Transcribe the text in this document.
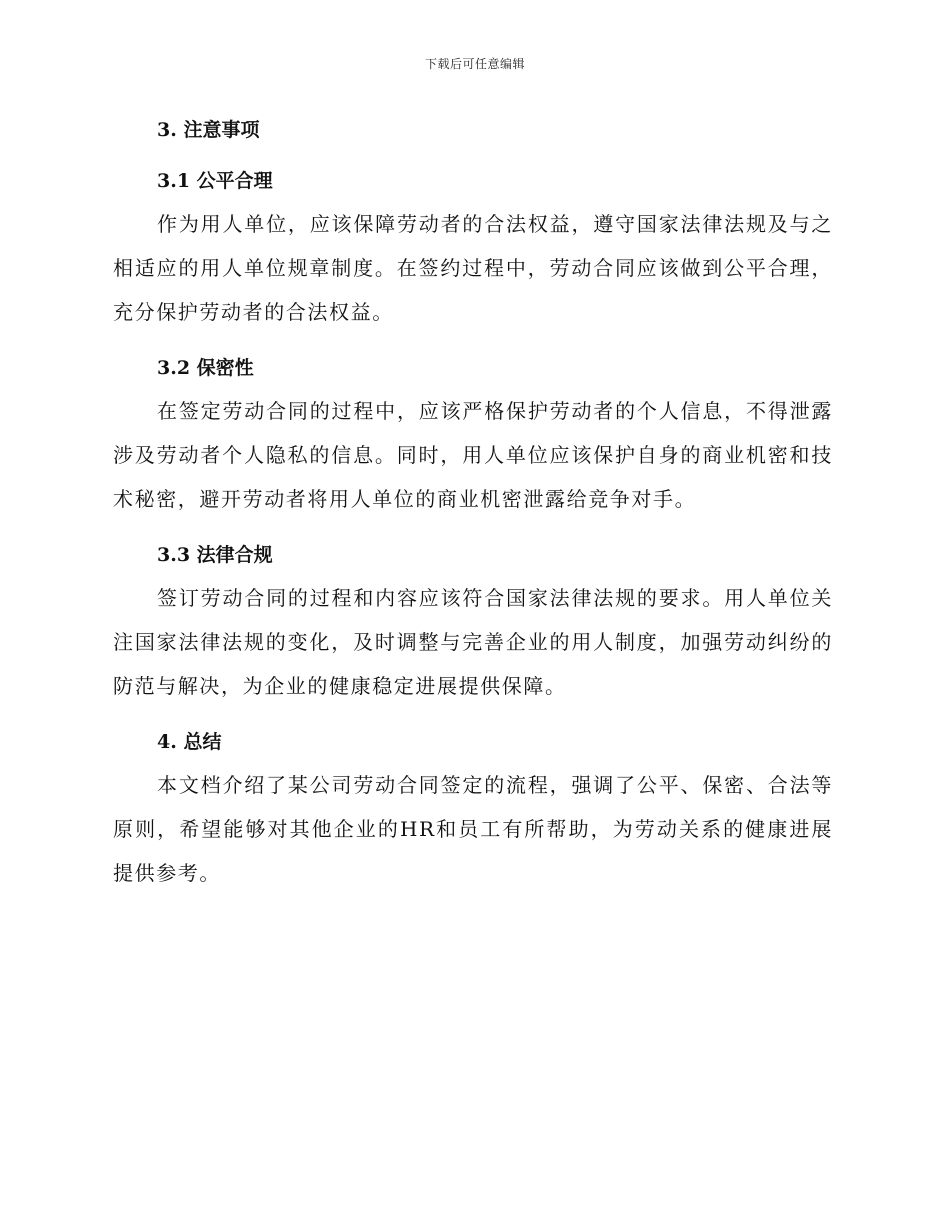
下载后可任意编辑
3. 注意事项
3.1 公平合理

作为用人单位，应该保障劳动者的合法权益，遵守国家法律法规及与之相适应的用人单位规章制度。在签约过程中，劳动合同应该做到公平合理，充分保护劳动者的合法权益。

3.2 保密性

在签定劳动合同的过程中，应该严格保护劳动者的个人信息，不得泄露涉及劳动者个人隐私的信息。同时，用人单位应该保护自身的商业机密和技术秘密，避开劳动者将用人单位的商业机密泄露给竞争对手。

3.3 法律合规

签订劳动合同的过程和内容应该符合国家法律法规的要求。用人单位关注国家法律法规的变化，及时调整与完善企业的用人制度，加强劳动纠纷的防范与解决，为企业的健康稳定进展提供保障。

4. 总结

本文档介绍了某公司劳动合同签定的流程，强调了公平、保密、合法等原则，希望能够对其他企业的HR和员工有所帮助，为劳动关系的健康进展提供参考。
